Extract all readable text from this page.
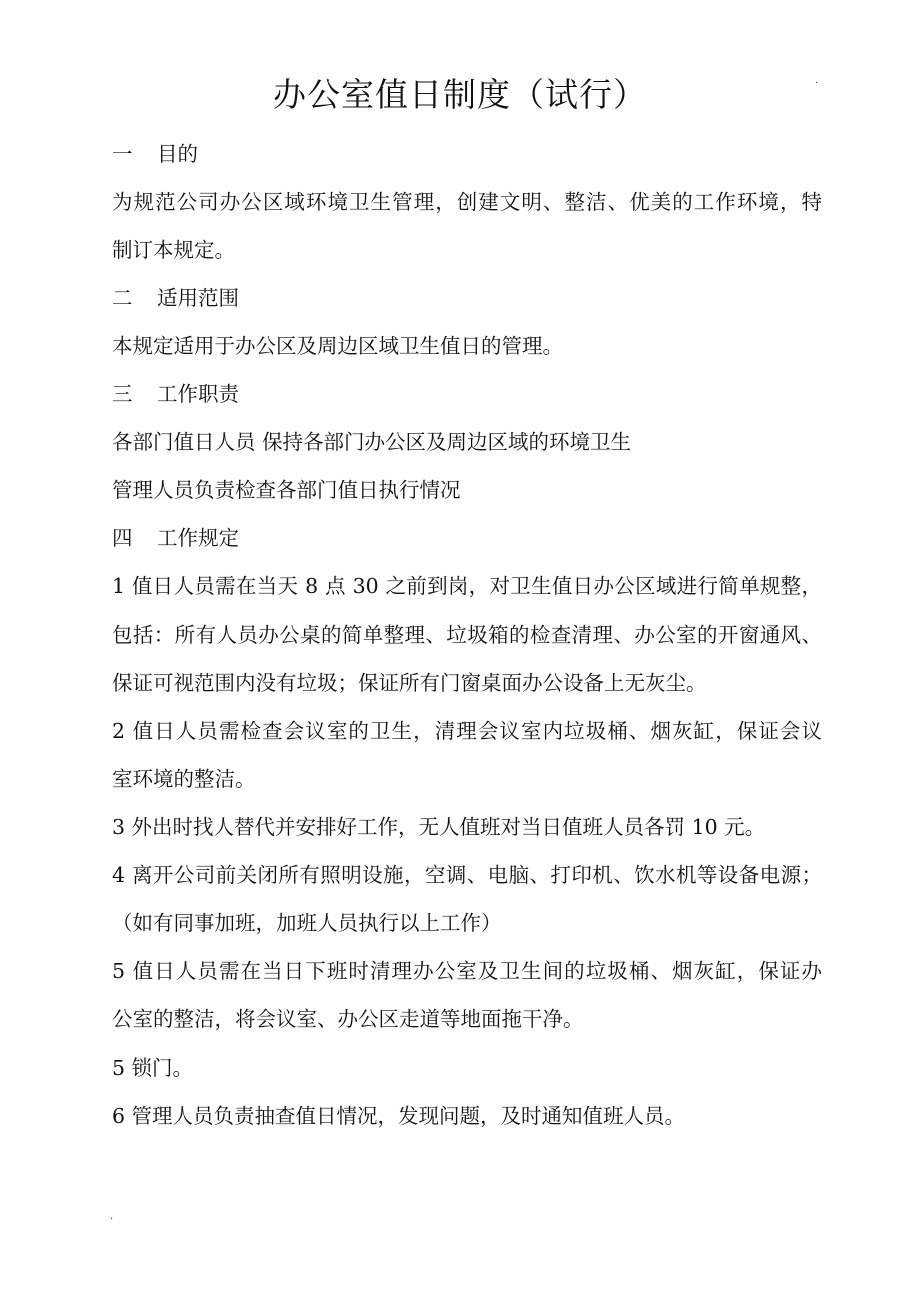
.
办公室值日制度（试行）
一	目的
为规范公司办公区域环境卫生管理，创建文明、整洁、优美的工作环境，特
制订本规定。
二	适用范围
本规定适用于办公区及周边区域卫生值日的管理。
三	工作职责
各部门值日人员 保持各部门办公区及周边区域的环境卫生
管理人员负责检查各部门值日执行情况
四	工作规定
1 值日人员需在当天 8 点 30 之前到岗，对卫生值日办公区域进行简单规整，
包括：所有人员办公桌的简单整理、垃圾箱的检查清理、办公室的开窗通风、
保证可视范围内没有垃圾；保证所有门窗桌面办公设备上无灰尘。
2 值日人员需检查会议室的卫生，清理会议室内垃圾桶、烟灰缸，保证会议
室环境的整洁。
3 外出时找人替代并安排好工作，无人值班对当日值班人员各罚 10 元。
4 离开公司前关闭所有照明设施，空调、电脑、打印机、饮水机等设备电源；
（如有同事加班，加班人员执行以上工作）
5 值日人员需在当日下班时清理办公室及卫生间的垃圾桶、烟灰缸，保证办
公室的整洁，将会议室、办公区走道等地面拖干净。
5 锁门。
6 管理人员负责抽查值日情况，发现问题，及时通知值班人员。
.
